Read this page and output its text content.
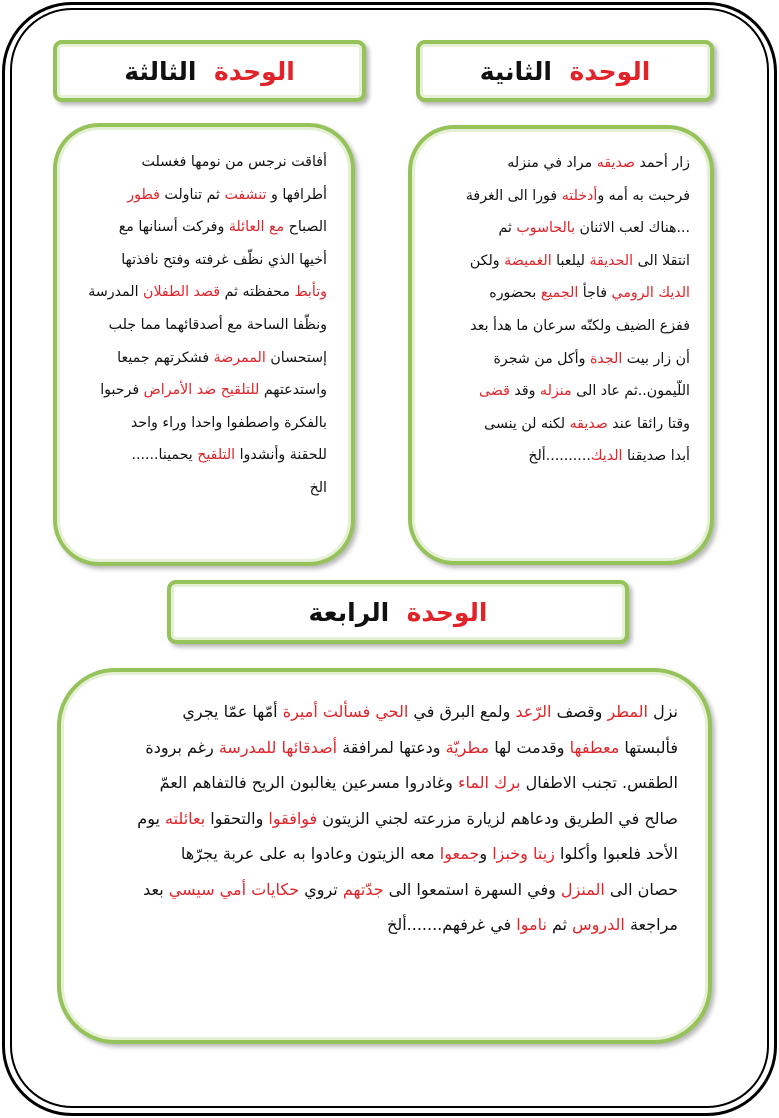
الوحدة

الثانية
الوحدة

الثالثة
زار أحمد صديقه مراد في منزله
فرحبت به أمه وأدخلته فورا الى الغرفة
...هناك لعب الاثنان بالحاسوب ثم
انتقلا الى الحديقة ليلعبا الغميضة ولكن
الديك الرومي فاجأ الجميع بحضوره
ففزع الضيف ولكنّه سرعان ما هدأ بعد
أن زار بيت الجدة وأكل من شجرة
اللّيمون..ثم عاد الى منزله وقد قضى
وقتا رائقا عند صديقه لكنه لن ينسى
أبدا صديقنا الديك..........ألخ
أفاقت نرجس من نومها فغسلت
أطرافها و تنشفت ثم تناولت فطور
الصباح مع العائلة وفركت أسنانها مع
أخيها الذي نظّف غرفته وفتح نافذتها
وتأبط محفظته ثم قصد الطفلان المدرسة
ونظّفا الساحة مع أصدقائهما مما جلب
إستحسان الممرضة فشكرتهم جميعا
واستدعتهم للتلقيح ضد الأمراض فرحبوا
بالفكرة واصطفوا واحدا وراء واحد
للحقنة وأنشدوا التلقيح يحمينا......
الخ
الوحدة

الرابعة
نزل المطر وقصف الرّعد ولمع البرق في الحي فسألت أميرة أمّها عمّا يجري
فألبستها معطفها وقدمت لها مطريّة ودعتها لمرافقة أصدقائها للمدرسة رغم برودة
الطقس. تجنب الاطفال برك الماء وغادروا مسرعين يغالبون الريح فالتفاهم العمّ
صالح في الطريق ودعاهم لزيارة مزرعته لجني الزيتون فوافقوا والتحقوا بعائلته يوم
الأحد فلعبوا وأكلوا زيتا وخبزا وجمعوا معه الزيتون وعادوا به على عربة يجرّها
حصان الى المنزل وفي السهرة استمعوا الى جدّتهم تروي حكايات أمي سيسي بعد
مراجعة الدروس ثم ناموا في غرفهم.......ألخ
